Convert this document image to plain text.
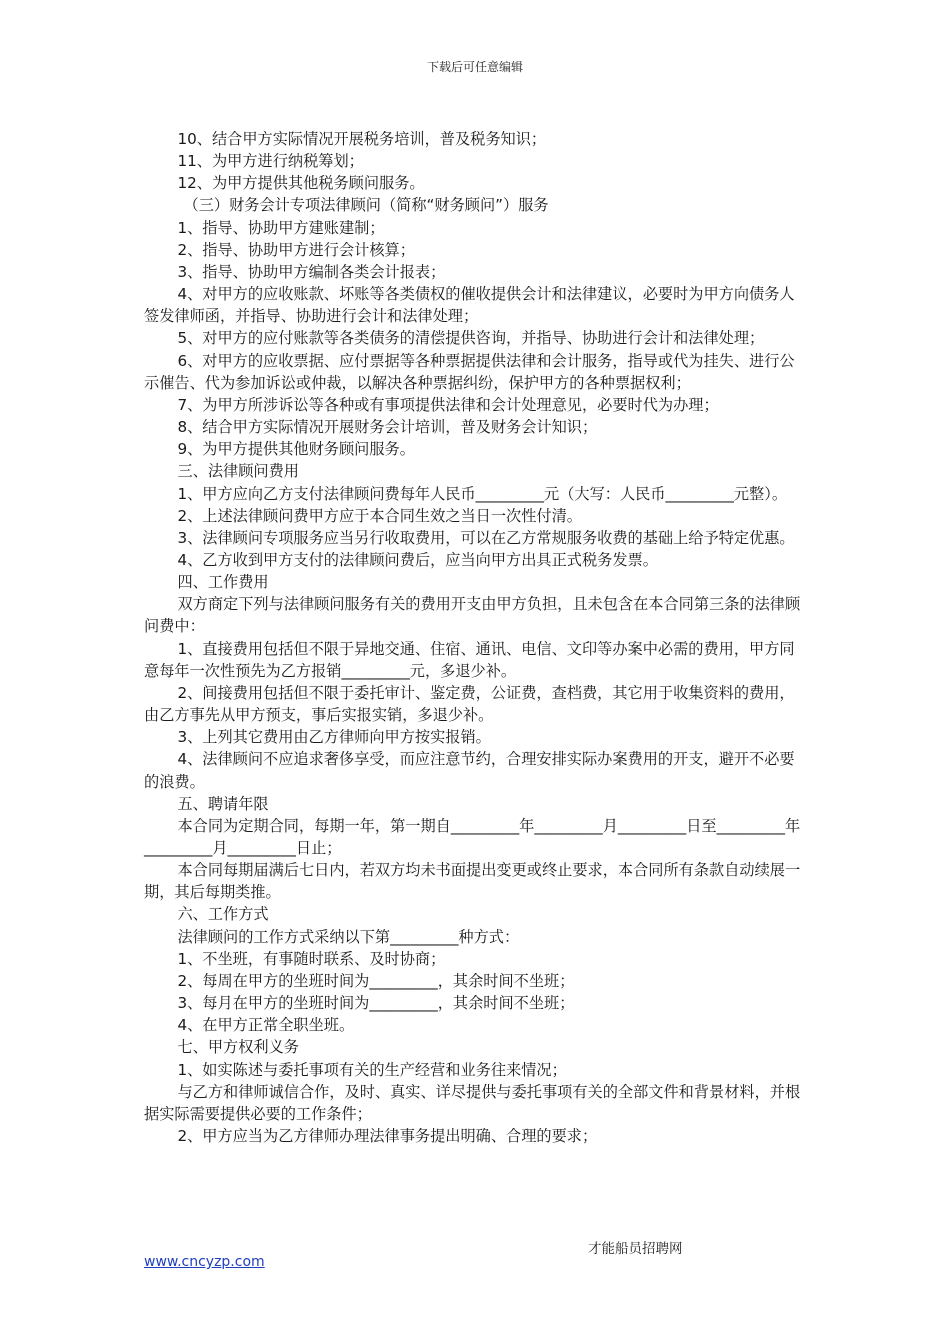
下载后可任意编辑

10、结合甲方实际情况开展税务培训，普及税务知识；

11、为甲方进行纳税筹划；

12、为甲方提供其他税务顾问服务。

（三）财务会计专项法律顾问（简称“财务顾问”）服务

1、指导、协助甲方建账建制；

2、指导、协助甲方进行会计核算；

3、指导、协助甲方编制各类会计报表；

4、对甲方的应收账款、坏账等各类债权的催收提供会计和法律建议，必要时为甲方向债务人签发律师函，并指导、协助进行会计和法律处理；

5、对甲方的应付账款等各类债务的清偿提供咨询，并指导、协助进行会计和法律处理；

6、对甲方的应收票据、应付票据等各种票据提供法律和会计服务，指导或代为挂失、进行公示催告、代为参加诉讼或仲裁，以解决各种票据纠纷，保护甲方的各种票据权利；

7、为甲方所涉诉讼等各种或有事项提供法律和会计处理意见，必要时代为办理；

8、结合甲方实际情况开展财务会计培训，普及财务会计知识；

9、为甲方提供其他财务顾问服务。

三、法律顾问费用

1、甲方应向乙方支付法律顾问费每年人民币_________元（大写：人民币_________元整）。

2、上述法律顾问费甲方应于本合同生效之当日一次性付清。

3、法律顾问专项服务应当另行收取费用，可以在乙方常规服务收费的基础上给予特定优惠。

4、乙方收到甲方支付的法律顾问费后，应当向甲方出具正式税务发票。

四、工作费用

双方商定下列与法律顾问服务有关的费用开支由甲方负担，且未包含在本合同第三条的法律顾问费中：

1、直接费用包括但不限于异地交通、住宿、通讯、电信、文印等办案中必需的费用，甲方同意每年一次性预先为乙方报销_________元，多退少补。

2、间接费用包括但不限于委托审计、鉴定费，公证费，查档费，其它用于收集资料的费用，由乙方事先从甲方预支，事后实报实销，多退少补。

3、上列其它费用由乙方律师向甲方按实报销。

4、法律顾问不应追求奢侈享受，而应注意节约，合理安排实际办案费用的开支，避开不必要的浪费。

五、聘请年限

本合同为定期合同，每期一年，第一期自_________年_________月_________日至_________年_________月_________日止；

本合同每期届满后七日内，若双方均未书面提出变更或终止要求，本合同所有条款自动续展一期，其后每期类推。

六、工作方式

法律顾问的工作方式采纳以下第_________种方式：

1、不坐班，有事随时联系、及时协商；

2、每周在甲方的坐班时间为_________，其余时间不坐班；

3、每月在甲方的坐班时间为_________，其余时间不坐班；

4、在甲方正常全职坐班。

七、甲方权利义务

1、如实陈述与委托事项有关的生产经营和业务往来情况；

与乙方和律师诚信合作，及时、真实、详尽提供与委托事项有关的全部文件和背景材料，并根据实际需要提供必要的工作条件；

2、甲方应当为乙方律师办理法律事务提出明确、合理的要求；

才能船员招聘网
www.cncyzp.com
